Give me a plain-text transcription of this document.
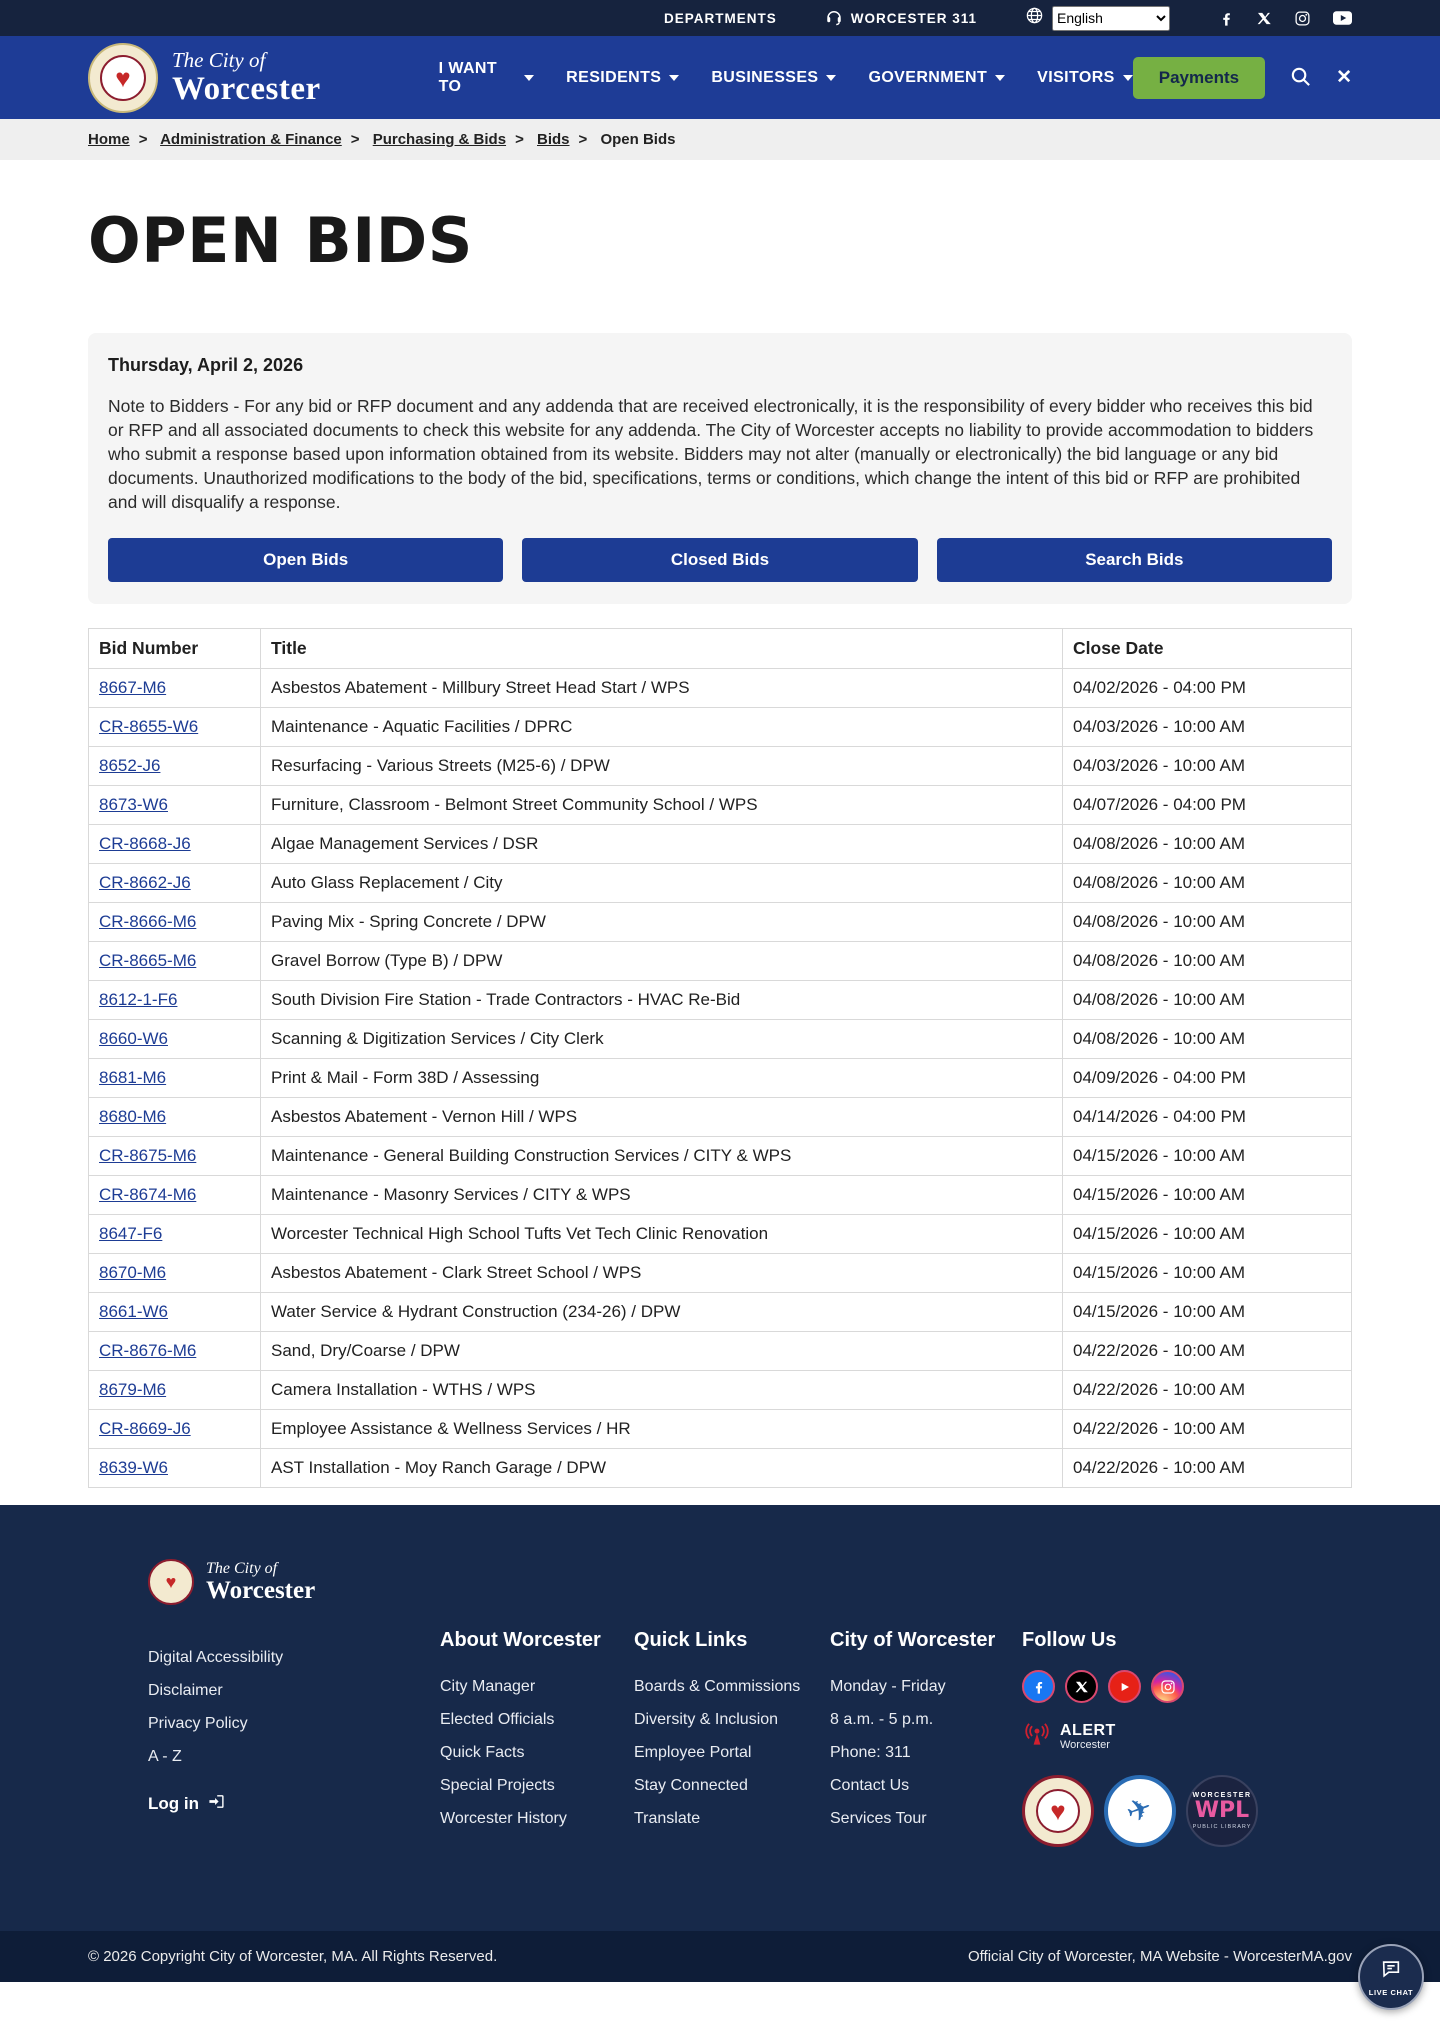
DEPARTMENTS	WORCESTER 311
English
♥
The City of
Worcester
I WANT TO
RESIDENTS	BUSINESSES	GOVERNMENT	VISITORS	Payments	✕
Home > Administration & Finance > Purchasing & Bids > Bids > Open Bids
OPEN BIDS
Thursday, April 2, 2026

Note to Bidders - For any bid or RFP document and any addenda that are received electronically, it is the responsibility of every bidder who receives this bid or RFP and all associated documents to check this website for any addenda. The City of Worcester accepts no liability to provide accommodation to bidders who submit a response based upon information obtained from its website. Bidders may not alter (manually or electronically) the bid language or any bid documents. Unauthorized modifications to the body of the bid, specifications, terms or conditions, which change the intent of this bid or RFP are prohibited and will disqualify a response.

Open Bids	Closed Bids	Search Bids
Bid Number	Title	Close Date
8667-M6	Asbestos Abatement - Millbury Street Head Start / WPS	04/02/2026 - 04:00 PM
CR-8655-W6	Maintenance - Aquatic Facilities / DPRC	04/03/2026 - 10:00 AM
8652-J6	Resurfacing - Various Streets (M25-6) / DPW	04/03/2026 - 10:00 AM
8673-W6	Furniture, Classroom - Belmont Street Community School / WPS	04/07/2026 - 04:00 PM
CR-8668-J6	Algae Management Services / DSR	04/08/2026 - 10:00 AM
CR-8662-J6	Auto Glass Replacement / City	04/08/2026 - 10:00 AM
CR-8666-M6	Paving Mix - Spring Concrete / DPW	04/08/2026 - 10:00 AM
CR-8665-M6	Gravel Borrow (Type B) / DPW	04/08/2026 - 10:00 AM
8612-1-F6	South Division Fire Station - Trade Contractors - HVAC Re-Bid	04/08/2026 - 10:00 AM
8660-W6	Scanning & Digitization Services / City Clerk	04/08/2026 - 10:00 AM
8681-M6	Print & Mail - Form 38D / Assessing	04/09/2026 - 04:00 PM
8680-M6	Asbestos Abatement - Vernon Hill / WPS	04/14/2026 - 04:00 PM
CR-8675-M6	Maintenance - General Building Construction Services / CITY & WPS	04/15/2026 - 10:00 AM
CR-8674-M6	Maintenance - Masonry Services / CITY & WPS	04/15/2026 - 10:00 AM
8647-F6	Worcester Technical High School Tufts Vet Tech Clinic Renovation	04/15/2026 - 10:00 AM
8670-M6	Asbestos Abatement - Clark Street School / WPS	04/15/2026 - 10:00 AM
8661-W6	Water Service & Hydrant Construction (234-26) / DPW	04/15/2026 - 10:00 AM
CR-8676-M6	Sand, Dry/Coarse / DPW	04/22/2026 - 10:00 AM
8679-M6	Camera Installation - WTHS / WPS	04/22/2026 - 10:00 AM
CR-8669-J6	Employee Assistance & Wellness Services / HR	04/22/2026 - 10:00 AM
8639-W6	AST Installation - Moy Ranch Garage / DPW	04/22/2026 - 10:00 AM
♥
The City of
Worcester
Digital Accessibility
Disclaimer
Privacy Policy
A - Z
Log in
About Worcester
City Manager
Elected Officials
Quick Facts
Special Projects
Worcester History
Quick Links
Boards & Commissions
Diversity & Inclusion
Employee Portal
Stay Connected
Translate
City of Worcester
Monday - Friday
8 a.m. - 5 p.m.
Phone: 311
Contact Us
Services Tour
Follow Us
ALERT
Worcester
♥ ✈	WORCESTER
WPL
PUBLIC LIBRARY
© 2026 Copyright City of Worcester, MA. All Rights Reserved.	Official City of Worcester, MA Website - WorcesterMA.gov
LIVE CHAT
